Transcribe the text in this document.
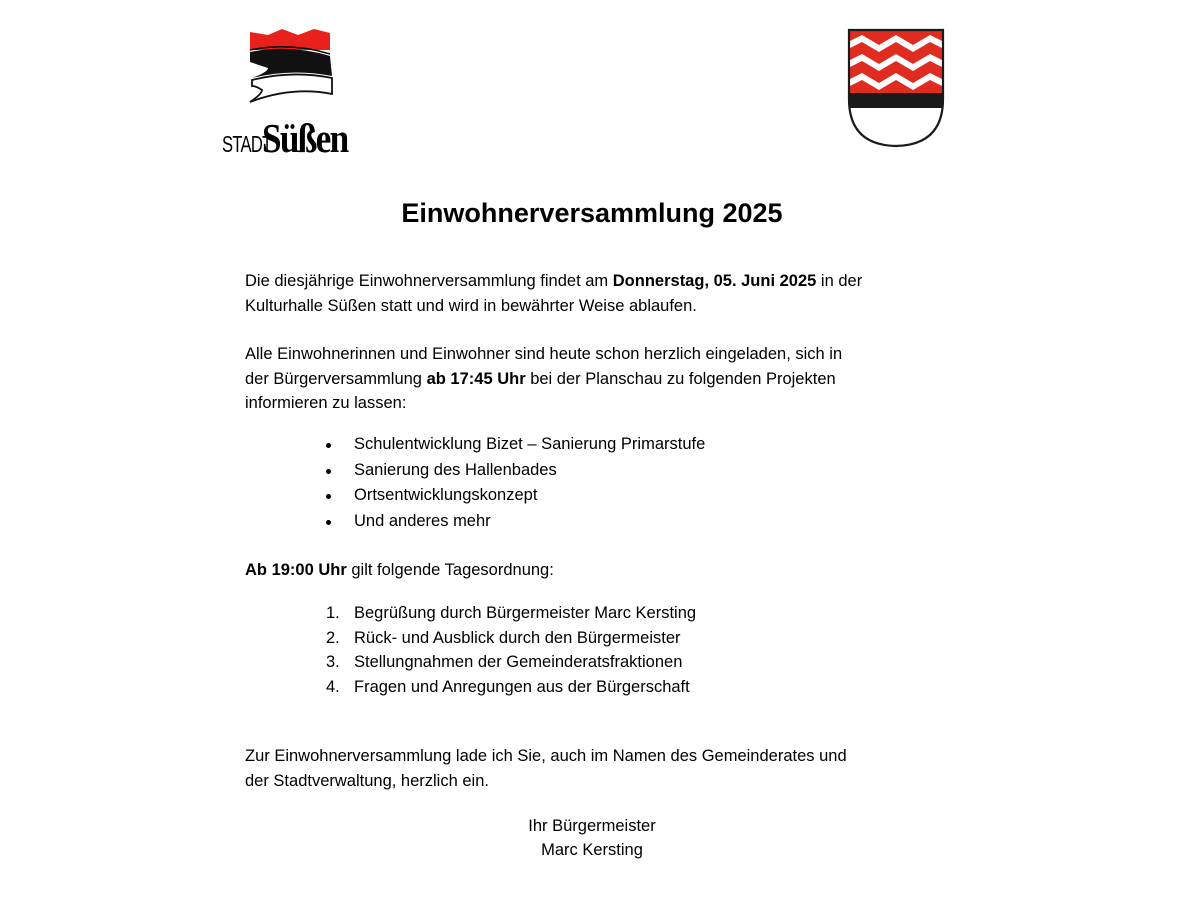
STADTSüßen
Einwohnerversammlung 2025

Die diesjährige Einwohnerversammlung findet am Donnerstag, 05. Juni 2025 in der
Kulturhalle Süßen statt und wird in bewährter Weise ablaufen.

Alle Einwohnerinnen und Einwohner sind heute schon herzlich eingeladen, sich in
der Bürgerversammlung ab 17:45 Uhr bei der Planschau zu folgenden Projekten
informieren zu lassen:

Schulentwicklung Bizet – Sanierung Primarstufe
Sanierung des Hallenbades
Ortsentwicklungskonzept
Und anderes mehr

Ab 19:00 Uhr gilt folgende Tagesordnung:

1. Begrüßung durch Bürgermeister Marc Kersting
2. Rück- und Ausblick durch den Bürgermeister
3. Stellungnahmen der Gemeinderatsfraktionen
4. Fragen und Anregungen aus der Bürgerschaft

Zur Einwohnerversammlung lade ich Sie, auch im Namen des Gemeinderates und
der Stadtverwaltung, herzlich ein.

Ihr Bürgermeister
Marc Kersting
